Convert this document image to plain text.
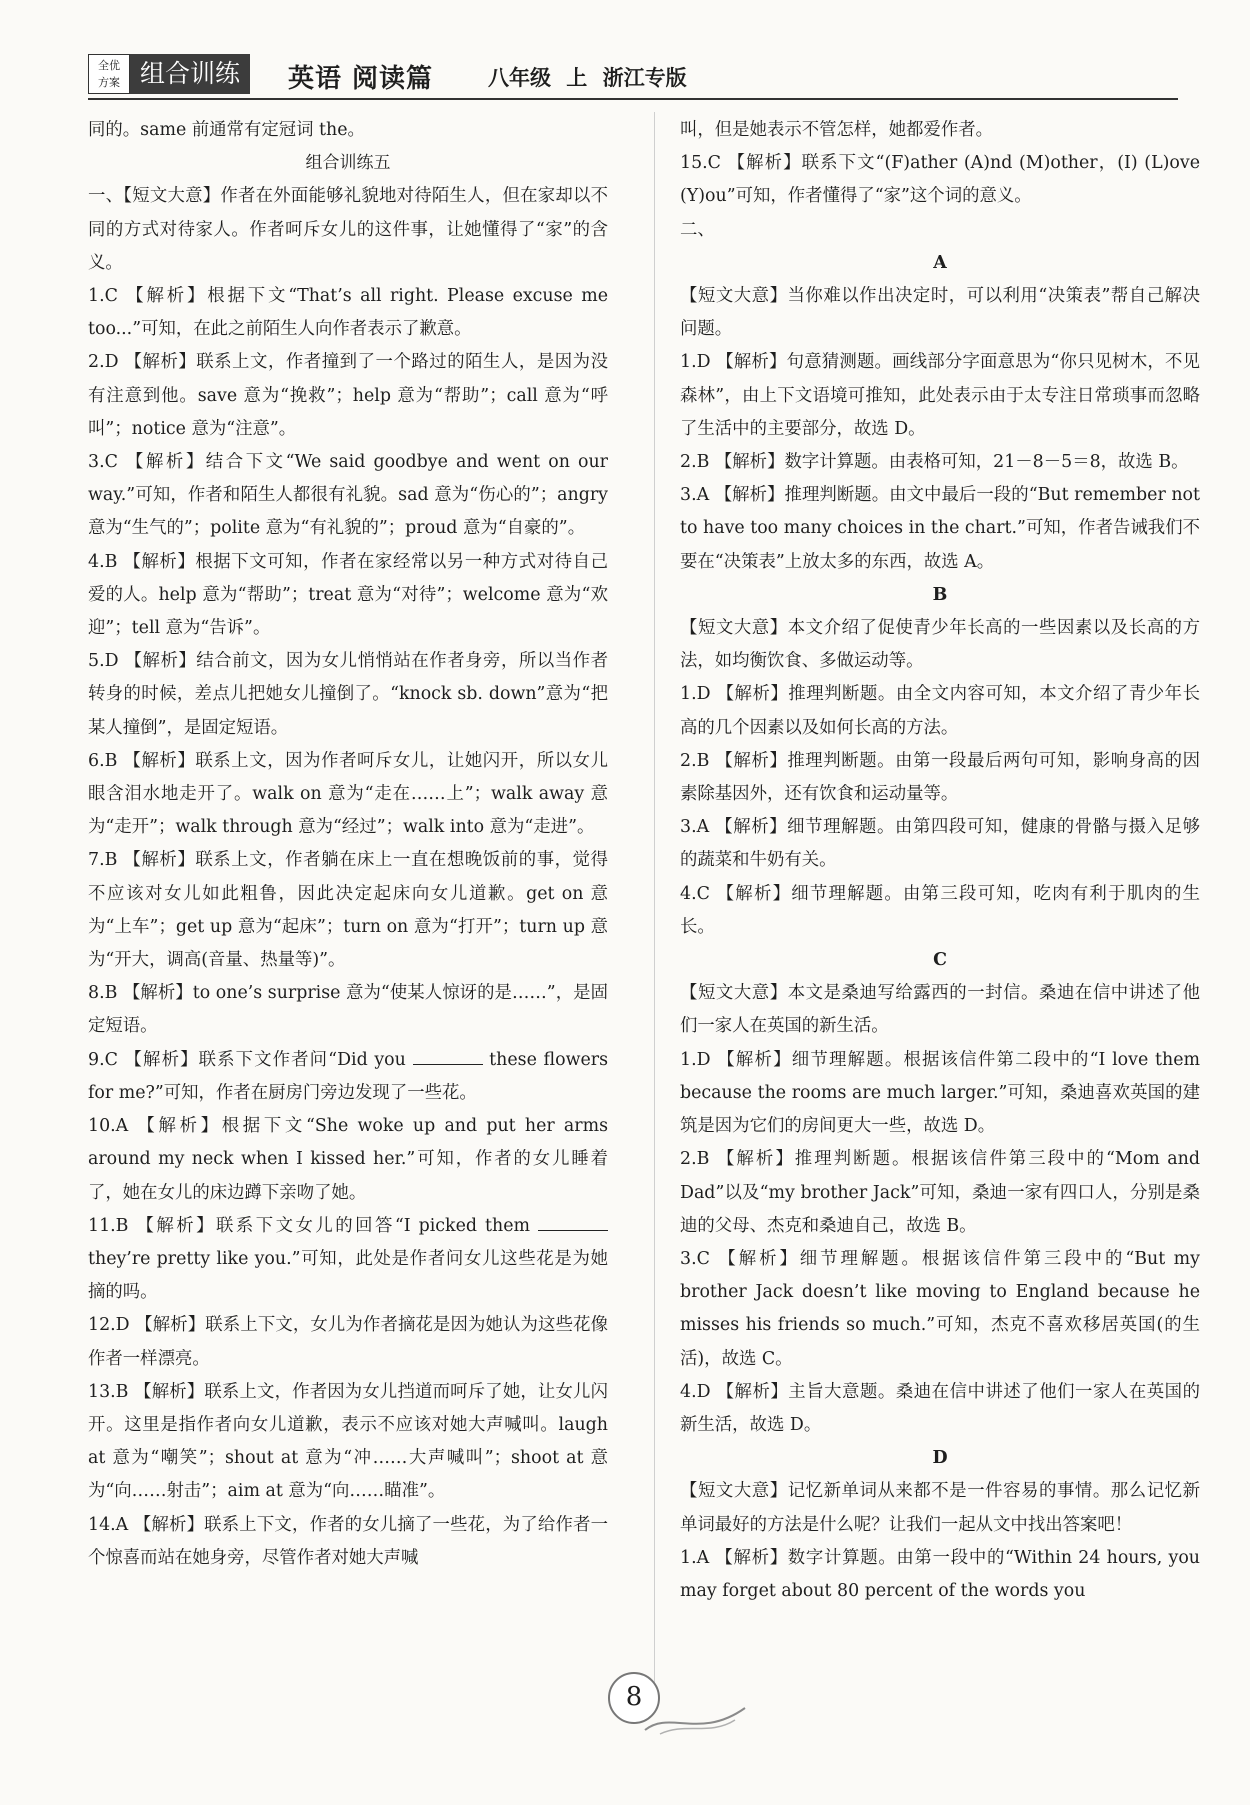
全优
方案 组合训练	英语 阅读篇	八年级 上 浙江专版

同的。same 前通常有定冠词 the。

组合训练五

一、【短文大意】作者在外面能够礼貌地对待陌生人，但在家却以不同的方式对待家人。作者呵斥女儿的这件事，让她懂得了“家”的含义。

1.C 【解析】根据下文“That’s all right. Please excuse me too...”可知，在此之前陌生人向作者表示了歉意。

2.D 【解析】联系上文，作者撞到了一个路过的陌生人，是因为没有注意到他。save 意为“挽救”；help 意为“帮助”；call 意为“呼叫”；notice 意为“注意”。

3.C 【解析】结合下文“We said goodbye and went on our way.”可知，作者和陌生人都很有礼貌。sad 意为“伤心的”；angry 意为“生气的”；polite 意为“有礼貌的”；proud 意为“自豪的”。

4.B 【解析】根据下文可知，作者在家经常以另一种方式对待自己爱的人。help 意为“帮助”；treat 意为“对待”；welcome 意为“欢迎”；tell 意为“告诉”。

5.D 【解析】结合前文，因为女儿悄悄站在作者身旁，所以当作者转身的时候，差点儿把她女儿撞倒了。“knock sb. down”意为“把某人撞倒”，是固定短语。

6.B 【解析】联系上文，因为作者呵斥女儿，让她闪开，所以女儿眼含泪水地走开了。walk on 意为“走在……上”；walk away 意为“走开”；walk through 意为“经过”；walk into 意为“走进”。

7.B 【解析】联系上文，作者躺在床上一直在想晚饭前的事，觉得不应该对女儿如此粗鲁，因此决定起床向女儿道歉。get on 意为“上车”；get up 意为“起床”；turn on 意为“打开”；turn up 意为“开大，调高(音量、热量等)”。

8.B 【解析】to one’s surprise 意为“使某人惊讶的是……”，是固定短语。

9.C 【解析】联系下文作者问“Did you	these flowers for me?”可知，作者在厨房门旁边发现了一些花。

10.A 【解析】根据下文“She woke up and put her arms around my neck when I kissed her.”可知，作者的女儿睡着了，她在女儿的床边蹲下亲吻了她。

11.B 【解析】联系下文女儿的回答“I picked them  they’re pretty like you.”可知，此处是作者问女儿这些花是为她摘的吗。

12.D 【解析】联系上下文，女儿为作者摘花是因为她认为这些花像作者一样漂亮。

13.B 【解析】联系上文，作者因为女儿挡道而呵斥了她，让女儿闪开。这里是指作者向女儿道歉，表示不应该对她大声喊叫。laugh at 意为“嘲笑”；shout at 意为“冲……大声喊叫”；shoot at 意为“向……射击”；aim at 意为“向……瞄准”。

14.A 【解析】联系上下文，作者的女儿摘了一些花，为了给作者一个惊喜而站在她身旁，尽管作者对她大声喊

叫，但是她表示不管怎样，她都爱作者。

15.C 【解析】联系下文“(F)ather (A)nd (M)other，(I) (L)ove (Y)ou”可知，作者懂得了“家”这个词的意义。

二、

A

【短文大意】当你难以作出决定时，可以利用“决策表”帮自己解决问题。

1.D 【解析】句意猜测题。画线部分字面意思为“你只见树木，不见森林”，由上下文语境可推知，此处表示由于太专注日常琐事而忽略了生活中的主要部分，故选 D。

2.B 【解析】数字计算题。由表格可知，21－8－5＝8，故选 B。

3.A 【解析】推理判断题。由文中最后一段的“But remember not to have too many choices in the chart.”可知，作者告诫我们不要在“决策表”上放太多的东西，故选 A。

B

【短文大意】本文介绍了促使青少年长高的一些因素以及长高的方法，如均衡饮食、多做运动等。

1.D 【解析】推理判断题。由全文内容可知，本文介绍了青少年长高的几个因素以及如何长高的方法。

2.B 【解析】推理判断题。由第一段最后两句可知，影响身高的因素除基因外，还有饮食和运动量等。

3.A 【解析】细节理解题。由第四段可知，健康的骨骼与摄入足够的蔬菜和牛奶有关。

4.C 【解析】细节理解题。由第三段可知，吃肉有利于肌肉的生长。

C

【短文大意】本文是桑迪写给露西的一封信。桑迪在信中讲述了他们一家人在英国的新生活。

1.D 【解析】细节理解题。根据该信件第二段中的“I love them because the rooms are much larger.”可知，桑迪喜欢英国的建筑是因为它们的房间更大一些，故选 D。

2.B 【解析】推理判断题。根据该信件第三段中的“Mom and Dad”以及“my brother Jack”可知，桑迪一家有四口人，分别是桑迪的父母、杰克和桑迪自己，故选 B。

3.C 【解析】细节理解题。根据该信件第三段中的“But my brother Jack doesn’t like moving to England because he misses his friends so much.”可知，杰克不喜欢移居英国(的生活)，故选 C。

4.D 【解析】主旨大意题。桑迪在信中讲述了他们一家人在英国的新生活，故选 D。

D

【短文大意】记忆新单词从来都不是一件容易的事情。那么记忆新单词最好的方法是什么呢？让我们一起从文中找出答案吧！

1.A 【解析】数字计算题。由第一段中的“Within 24 hours, you may forget about 80 percent of the words you

8
